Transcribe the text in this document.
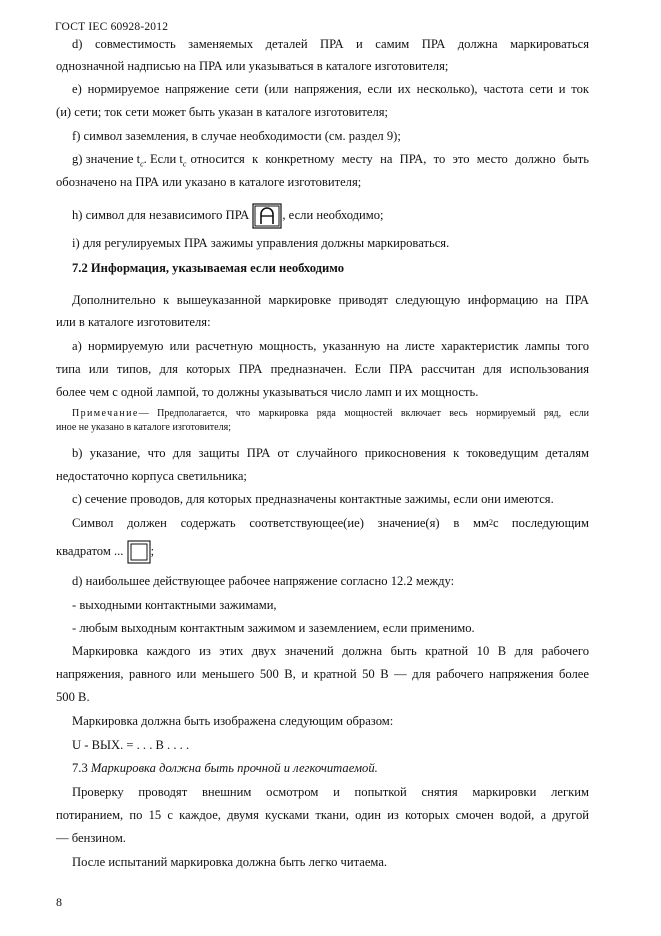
ГОСТ IEC 60928-2012
d) совместимость заменяемых деталей ПРА и самим ПРА должна маркироваться
однозначной надписью на ПРА или указываться в каталоге изготовителя;
e) нормируемое напряжение сети (или напряжения, если их несколько), частота сети и ток
(и) сети; ток сети может быть указан в каталоге изготовителя;
f) символ заземления, в случае необходимости (см. раздел 9);
g) значение $t_c$. Если $t_c$ относится к конкретному месту на ПРА, то это место должно быть
обозначено на ПРА или указано в каталоге изготовителя;
h) символ для независимого ПРА	, если необходимо;
i) для регулируемых ПРА зажимы управления должны маркироваться.
7.2 Информация, указываемая если необходимо
Дополнительно к вышеуказанной маркировке приводят следующую информацию на ПРА
или в каталоге изготовителя:
a) нормируемую или расчетную мощность, указанную на листе характеристик лампы того
типа или типов, для которых ПРА предназначен. Если ПРА рассчитан для использования
более чем с одной лампой, то должны указываться число ламп и их мощность.
Примечание — Предполагается, что маркировка ряда мощностей включает весь нормируемый ряд, если
иное не указано в каталоге изготовителя;
b) указание, что для защиты ПРА от случайного прикосновения к токоведущим деталям
недостаточно корпуса светильника;
c) сечение проводов, для которых предназначены контактные зажимы, если они имеются.
Символ должен содержать соответствующее(ие) значение(я) в мм 2 с последующим
квадратом ... ;
d) наибольшее действующее рабочее напряжение согласно 12.2 между:
- выходными контактными зажимами,
- любым выходным контактным зажимом и заземлением, если применимо.
Маркировка каждого из этих двух значений должна быть кратной 10 В для рабочего
напряжения, равного или меньшего 500 В, и кратной 50 В — для рабочего напряжения более
500 В.
Маркировка должна быть изображена следующим образом:
U - ВЫХ. = . . . В . . . .
7.3 Маркировка должна быть прочной и легкочитаемой.
Проверку проводят внешним осмотром и попыткой снятия маркировки легким
потиранием, по 15 с каждое, двумя кусками ткани, один из которых смочен водой, а другой
— бензином.
После испытаний маркировка должна быть легко читаема.
8
